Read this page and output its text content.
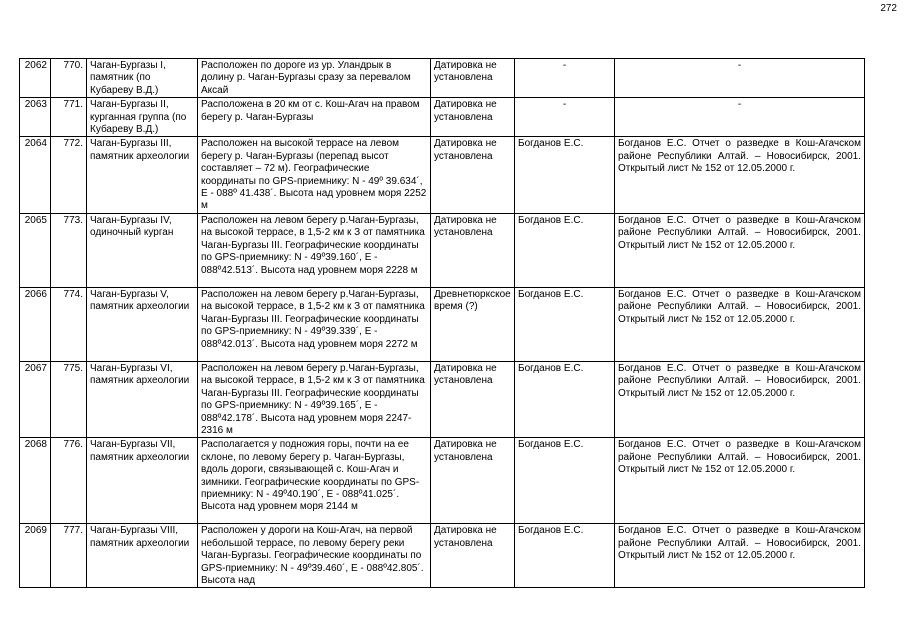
272
2062	770.	Чаган-Бургазы I, памятник (по Кубареву В.Д.)	Расположен по дороге из ур. Уландрык в долину р. Чаган-Бургазы сразу за перевалом Аксай	Датировка не установлена	-	-
2063	771.	Чаган-Бургазы II, курганная группа (по Кубареву В.Д.)	Расположена в 20 км от с. Кош-Агач на правом берегу р. Чаган-Бургазы	Датировка не установлена	-	-
2064	772.	Чаган-Бургазы III, памятник археологии	Расположен на высокой террасе на левом берегу р. Чаган-Бургазы (перепад высот составляет – 72 м). Географические координаты по GPS-приемнику: N - 49º 39.634´, E - 088º 41.438´. Высота над уровнем моря 2252 м	Датировка не установлена	Богданов Е.С.	Богданов Е.С. Отчет о разведке в Кош-Агачском районе Республики Алтай. – Новосибирск, 2001. Открытый лист № 152 от 12.05.2000 г.
2065	773.	Чаган-Бургазы IV, одиночный курган	Расположен на левом берегу р.Чаган-Бургазы, на высокой террасе, в 1,5-2 км к З от памятника Чаган-Бургазы III. Географические координаты по GPS-приемнику: N - 49º39.160´, E - 088º42.513´. Высота над уровнем моря 2228 м	Датировка не установлена	Богданов Е.С.	Богданов Е.С. Отчет о разведке в Кош-Агачском районе Республики Алтай. – Новосибирск, 2001. Открытый лист № 152 от 12.05.2000 г.
2066	774.	Чаган-Бургазы V, памятник археологии	Расположен на левом берегу р.Чаган-Бургазы, на высокой террасе, в 1,5-2 км к З от памятника Чаган-Бургазы III. Географические координаты по GPS-приемнику: N - 49º39.339´, E - 088º42.013´. Высота над уровнем моря 2272 м	Древнетюркское время (?)	Богданов Е.С.	Богданов Е.С. Отчет о разведке в Кош-Агачском районе Республики Алтай. – Новосибирск, 2001. Открытый лист № 152 от 12.05.2000 г.
2067	775.	Чаган-Бургазы VI, памятник археологии	Расположен на левом берегу р.Чаган-Бургазы, на высокой террасе, в 1,5-2 км к З от памятника Чаган-Бургазы III. Географические координаты по GPS-приемнику: N - 49º39.165´, E - 088º42.178´. Высота над уровнем моря 2247-2316 м	Датировка не установлена	Богданов Е.С.	Богданов Е.С. Отчет о разведке в Кош-Агачском районе Республики Алтай. – Новосибирск, 2001. Открытый лист № 152 от 12.05.2000 г.
2068	776.	Чаган-Бургазы VII, памятник археологии	Располагается у подножия горы, почти на ее склоне, по левому берегу р. Чаган-Бургазы, вдоль дороги, связывающей с. Кош-Агач и зимники. Географические координаты по GPS-приемнику: N - 49º40.190´, E - 088º41.025´. Высота над уровнем моря 2144 м	Датировка не установлена	Богданов Е.С.	Богданов Е.С. Отчет о разведке в Кош-Агачском районе Республики Алтай. – Новосибирск, 2001. Открытый лист № 152 от 12.05.2000 г.
2069	777.	Чаган-Бургазы VIII, памятник археологии	Расположен у дороги на Кош-Агач, на первой небольшой террасе, по левому берегу реки Чаган-Бургазы. Географические координаты по GPS-приемнику: N - 49º39.460´, E - 088º42.805´. Высота над	Датировка не установлена	Богданов Е.С.	Богданов Е.С. Отчет о разведке в Кош-Агачском районе Республики Алтай. – Новосибирск, 2001. Открытый лист № 152 от 12.05.2000 г.
